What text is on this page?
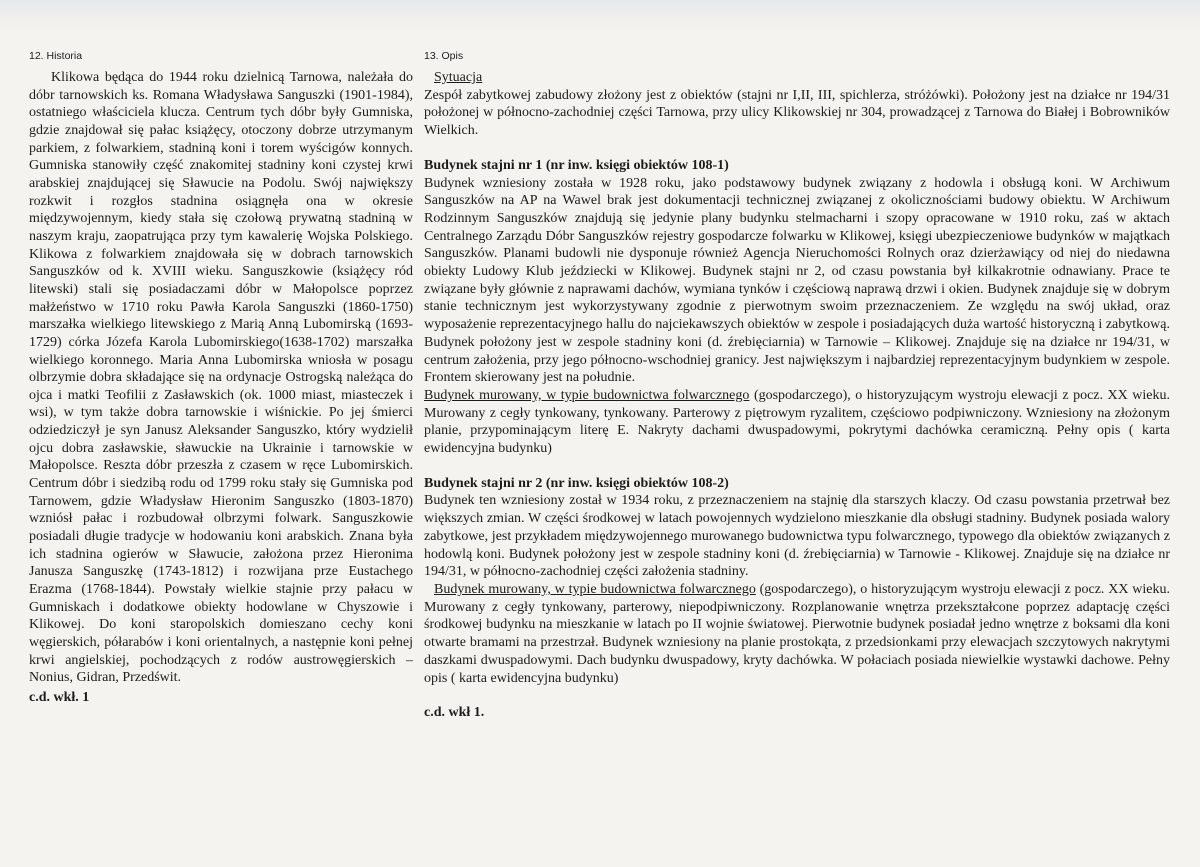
12. Historia

Klikowa będąca do 1944 roku dzielnicą Tarnowa, należała do dóbr tarnowskich ks. Romana Władysława Sanguszki (1901-1984), ostatniego właściciela klucza. Centrum tych dóbr były Gumniska, gdzie znajdował się pałac książęcy, otoczony dobrze utrzymanym parkiem, z folwarkiem, stadniną koni i torem wyścigów konnych. Gumniska stanowiły część znakomitej stadniny koni czystej krwi arabskiej znajdującej się Sławucie na Podolu. Swój największy rozkwit i rozgłos stadnina osiągnęła ona w okresie międzywojennym, kiedy stała się czołową prywatną stadniną w naszym kraju, zaopatrująca przy tym kawalerię Wojska Polskiego. Klikowa z folwarkiem znajdowała się w dobrach tarnowskich Sanguszków od k. XVIII wieku. Sanguszkowie (książęcy ród litewski) stali się posiadaczami dóbr w Małopolsce poprzez małżeństwo w 1710 roku Pawła Karola Sanguszki (1860-1750) marszałka wielkiego litewskiego z Marią Anną Lubomirską (1693-1729) córka Józefa Karola Lubomirskiego(1638-1702) marszałka wielkiego koronnego. Maria Anna Lubomirska wniosła w posagu olbrzymie dobra składające się na ordynacje Ostrogską należąca do ojca i matki Teofilii z Zasławskich (ok. 1000 miast, miasteczek i wsi), w tym także dobra tarnowskie i wiśnickie. Po jej śmierci odziedziczył je syn Janusz Aleksander Sanguszko, który wydzielił ojcu dobra zasławskie, sławuckie na Ukrainie i tarnowskie w Małopolsce. Reszta dóbr przeszła z czasem w ręce Lubomirskich. Centrum dóbr i siedzibą rodu od 1799 roku stały się Gumniska pod Tarnowem, gdzie Władysław Hieronim Sanguszko (1803-1870) wzniósł pałac i rozbudował olbrzymi folwark. Sanguszkowie posiadali długie tradycje w hodowaniu koni arabskich. Znana była ich stadnina ogierów w Sławucie, założona przez Hieronima Janusza Sanguszkę (1743-1812) i rozwijana prze Eustachego Erazma (1768-1844). Powstały wielkie stajnie przy pałacu w Gumniskach i dodatkowe obiekty hodowlane w Chyszowie i Klikowej. Do koni staropolskich domieszano cechy koni węgierskich, półarabów i koni orientalnych, a następnie koni pełnej krwi angielskiej, pochodzących z rodów austrowęgierskich – Nonius, Gidran, Przedświt.

c.d. wkł. 1
13. Opis

Sytuacja

Zespół zabytkowej zabudowy złożony jest z obiektów (stajni nr I,II, III, spichlerza, stróżówki). Położony jest na działce nr 194/31 położonej w północno-zachodniej części Tarnowa, przy ulicy Klikowskiej nr 304, prowadzącej z Tarnowa do Białej i Bobrowników Wielkich.

Budynek stajni nr 1 (nr inw. księgi obiektów 108-1)

Budynek wzniesiony została w 1928 roku, jako podstawowy budynek związany z hodowla i obsługą koni. W Archiwum Sanguszków na AP na Wawel brak jest dokumentacji technicznej związanej z okolicznościami budowy obiektu. W Archiwum Rodzinnym Sanguszków znajdują się jedynie plany budynku stelmacharni i szopy opracowane w 1910 roku, zaś w aktach Centralnego Zarządu Dóbr Sanguszków rejestry gospodarcze folwarku w Klikowej, księgi ubezpieczeniowe budynków w majątkach Sanguszków. Planami budowli nie dysponuje również Agencja Nieruchomości Rolnych oraz dzierżawiący od niej do niedawna obiekty Ludowy Klub jeździecki w Klikowej. Budynek stajni nr 2, od czasu powstania był kilkakrotnie odnawiany. Prace te związane były głównie z naprawami dachów, wymiana tynków i częściową naprawą drzwi i okien. Budynek znajduje się w dobrym stanie technicznym jest wykorzystywany zgodnie z pierwotnym swoim przeznaczeniem. Ze względu na swój układ, oraz wyposażenie reprezentacyjnego hallu do najciekawszych obiektów w zespole i posiadających duża wartość historyczną i zabytkową. Budynek położony jest w zespole stadniny koni (d. źrebięciarnia) w Tarnowie – Klikowej. Znajduje się na działce nr 194/31, w centrum założenia, przy jego północno-wschodniej granicy. Jest największym i najbardziej reprezentacyjnym budynkiem w zespole. Frontem skierowany jest na południe.

Budynek murowany, w typie budownictwa folwarcznego (gospodarczego), o historyzującym wystroju elewacji z pocz. XX wieku. Murowany z cegły tynkowany, tynkowany. Parterowy z piętrowym ryzalitem, częściowo podpiwniczony. Wzniesiony na złożonym planie, przypominającym literę E. Nakryty dachami dwuspadowymi, pokrytymi dachówka ceramiczną. Pełny opis ( karta ewidencyjna budynku)

Budynek stajni nr 2 (nr inw. księgi obiektów 108-2)

Budynek ten wzniesiony został w 1934 roku, z przeznaczeniem na stajnię dla starszych klaczy. Od czasu powstania przetrwał bez większych zmian. W części środkowej w latach powojennych wydzielono mieszkanie dla obsługi stadniny. Budynek posiada walory zabytkowe, jest przykładem międzywojennego murowanego budownictwa typu folwarcznego, typowego dla obiektów związanych z hodowlą koni. Budynek położony jest w zespole stadniny koni (d. źrebięciarnia) w Tarnowie - Klikowej. Znajduje się na działce nr 194/31, w północno-zachodniej części założenia stadniny.

Budynek murowany, w typie budownictwa folwarcznego (gospodarczego), o historyzującym wystroju elewacji z pocz. XX wieku. Murowany z cegły tynkowany, parterowy, niepodpiwniczony. Rozplanowanie wnętrza przekształcone poprzez adaptację części środkowej budynku na mieszkanie w latach po II wojnie światowej. Pierwotnie budynek posiadał jedno wnętrze z boksami dla koni otwarte bramami na przestrzał. Budynek wzniesiony na planie prostokąta, z przedsionkami przy elewacjach szczytowych nakrytymi daszkami dwuspadowymi. Dach budynku dwuspadowy, kryty dachówka. W połaciach posiada niewielkie wystawki dachowe. Pełny opis ( karta ewidencyjna budynku)

c.d. wkł 1.
